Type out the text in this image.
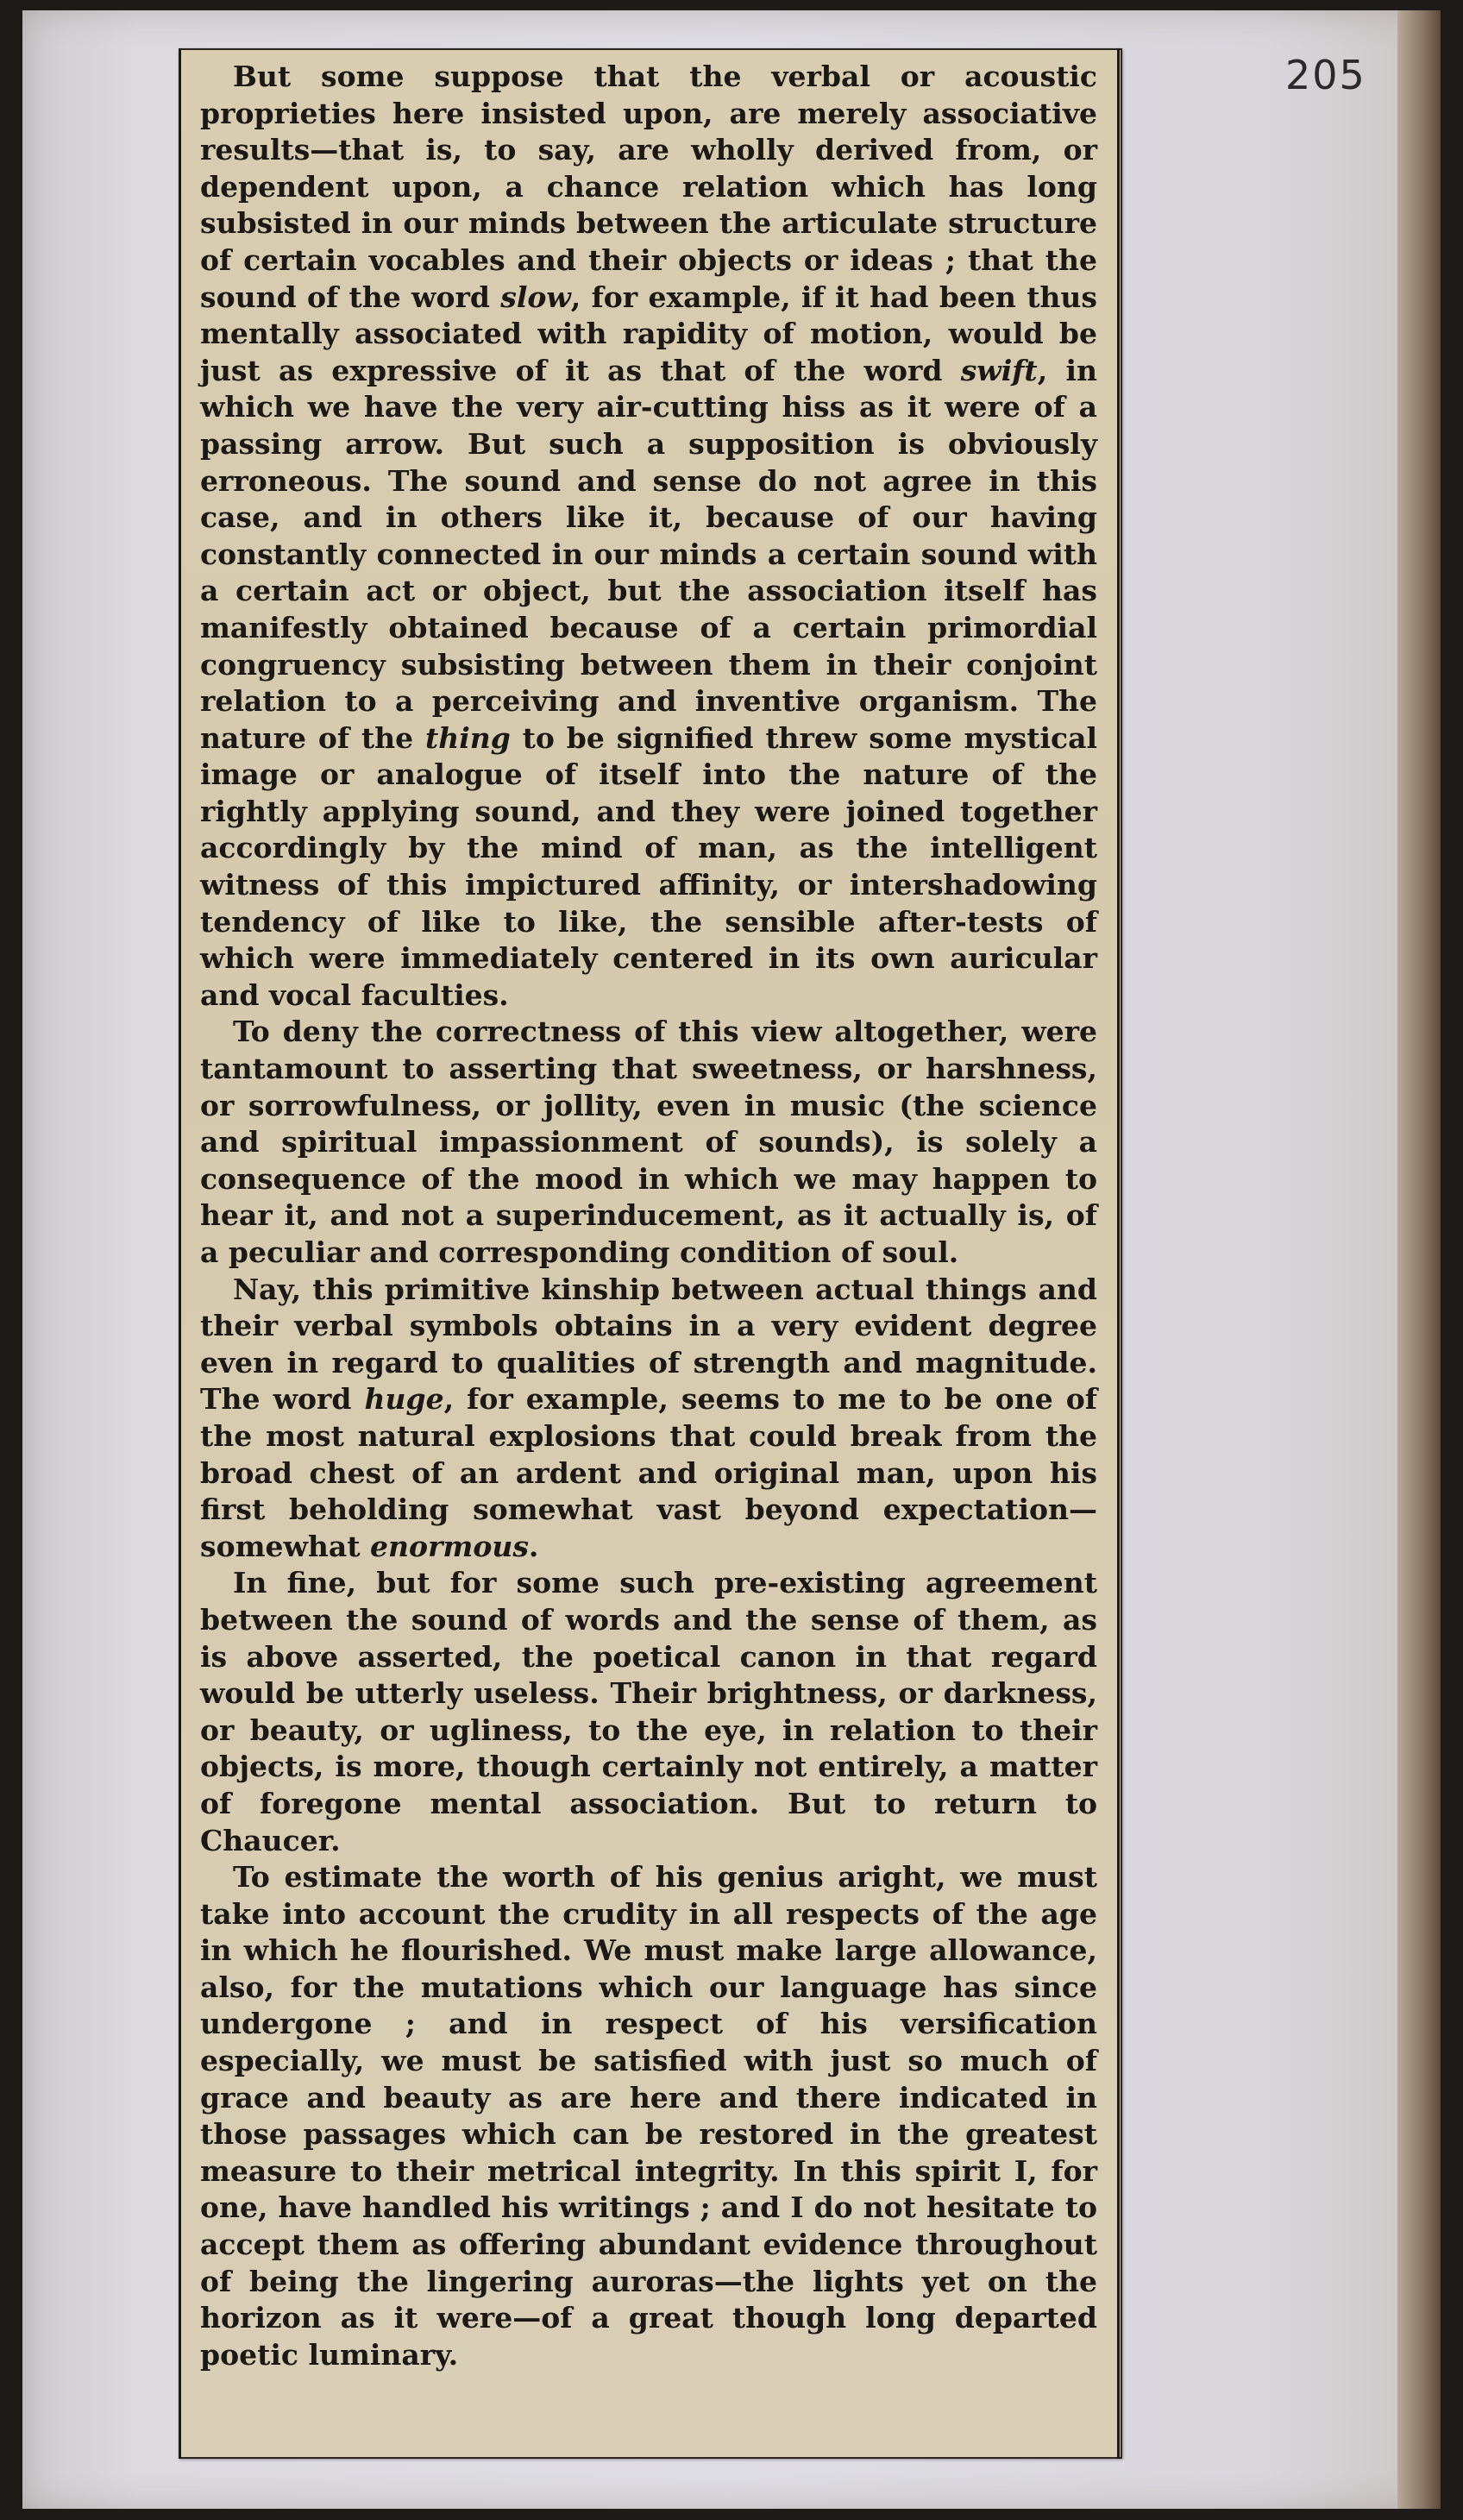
205

But some suppose that the verbal or acoustic proprieties here insisted upon, are merely associative results—that is, to say, are wholly derived from, or dependent upon, a chance relation which has long subsisted in our minds between the articulate structure of certain vocables and their objects or ideas ; that the sound of the word slow, for example, if it had been thus mentally associated with rapidity of motion, would be just as expressive of it as that of the word swift, in which we have the very air-cutting hiss as it were of a passing arrow. But such a supposition is obviously erroneous. The sound and sense do not agree in this case, and in others like it, because of our having constantly connected in our minds a certain sound with a certain act or object, but the association itself has manifestly obtained because of a certain primordial congruency subsisting between them in their conjoint relation to a perceiving and inventive organism. The nature of the thing to be signified threw some mystical image or analogue of itself into the nature of the rightly applying sound, and they were joined together accordingly by the mind of man, as the intelligent witness of this impictured affinity, or intershadowing tendency of like to like, the sensible after-tests of which were immediately centered in its own auricular and vocal faculties.

To deny the correctness of this view altogether, were tantamount to asserting that sweetness, or harshness, or sorrowfulness, or jollity, even in music (the science and spiritual impassionment of sounds), is solely a consequence of the mood in which we may happen to hear it, and not a superinducement, as it actually is, of a peculiar and corresponding condition of soul.

Nay, this primitive kinship between actual things and their verbal symbols obtains in a very evident degree even in regard to qualities of strength and magnitude. The word huge, for example, seems to me to be one of the most natural explosions that could break from the broad chest of an ardent and original man, upon his first beholding somewhat vast beyond expectation—somewhat enormous.

In fine, but for some such pre-existing agreement between the sound of words and the sense of them, as is above asserted, the poetical canon in that regard would be utterly useless. Their brightness, or darkness, or beauty, or ugliness, to the eye, in relation to their objects, is more, though certainly not entirely, a matter of foregone mental association. But to return to Chaucer.

To estimate the worth of his genius aright, we must take into account the crudity in all respects of the age in which he flourished. We must make large allowance, also, for the mutations which our language has since undergone ; and in respect of his versification especially, we must be satisfied with just so much of grace and beauty as are here and there indicated in those passages which can be restored in the greatest measure to their metrical integrity. In this spirit I, for one, have handled his writings ; and I do not hesitate to accept them as offering abundant evidence throughout of being the lingering auroras—the lights yet on the horizon as it were—of a great though long departed poetic luminary.
